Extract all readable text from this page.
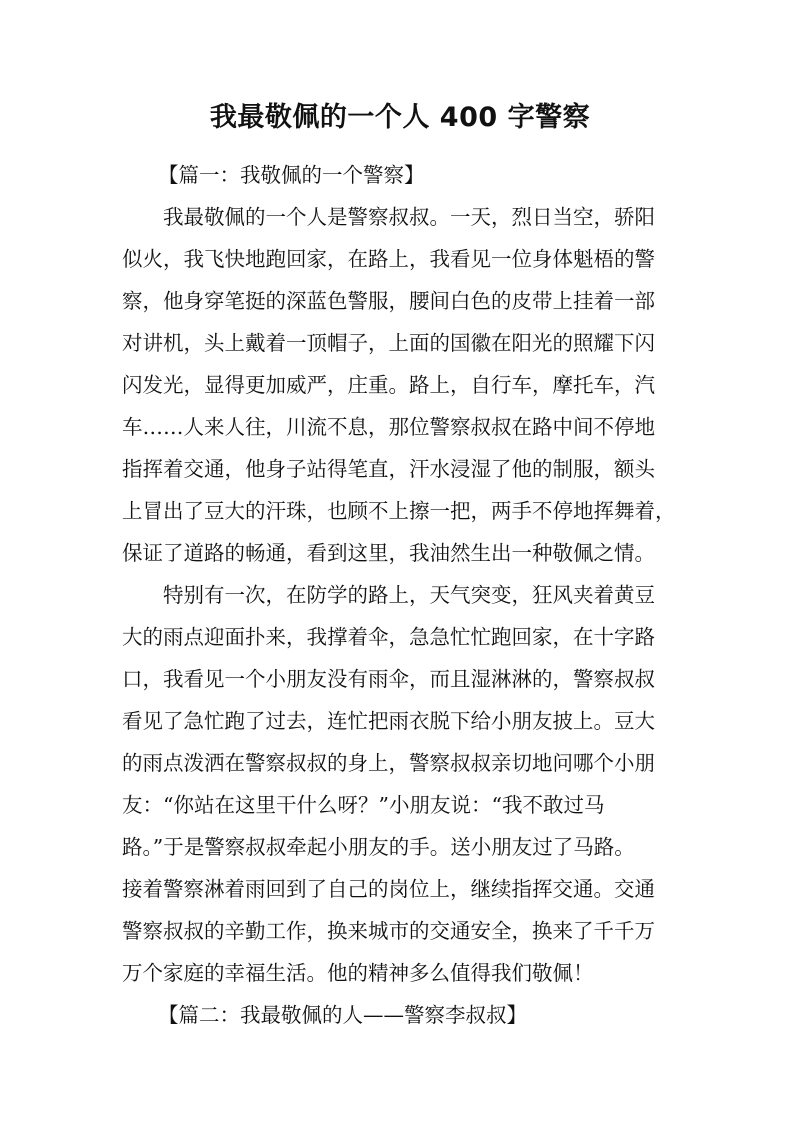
我最敬佩的一个人 400 字警察
【篇一：我敬佩的一个警察】
我最敬佩的一个人是警察叔叔。一天，烈日当空，骄阳
似火，我飞快地跑回家，在路上，我看见一位身体魁梧的警
察，他身穿笔挺的深蓝色警服，腰间白色的皮带上挂着一部
对讲机，头上戴着一顶帽子，上面的国徽在阳光的照耀下闪
闪发光，显得更加威严，庄重。路上，自行车，摩托车，汽
车……人来人往，川流不息，那位警察叔叔在路中间不停地
指挥着交通，他身子站得笔直，汗水浸湿了他的制服，额头
上冒出了豆大的汗珠，也顾不上擦一把，两手不停地挥舞着，
保证了道路的畅通，看到这里，我油然生出一种敬佩之情。
特别有一次，在防学的路上，天气突变，狂风夹着黄豆
大的雨点迎面扑来，我撑着伞，急急忙忙跑回家，在十字路
口，我看见一个小朋友没有雨伞，而且湿淋淋的，警察叔叔
看见了急忙跑了过去，连忙把雨衣脱下给小朋友披上。豆大
的雨点泼洒在警察叔叔的身上，警察叔叔亲切地问哪个小朋
友：“你站在这里干什么呀？”小朋友说：“我不敢过马
路。”于是警察叔叔牵起小朋友的手。送小朋友过了马路。
接着警察淋着雨回到了自己的岗位上，继续指挥交通。交通
警察叔叔的辛勤工作，换来城市的交通安全，换来了千千万
万个家庭的幸福生活。他的精神多么值得我们敬佩！
【篇二：我最敬佩的人——警察李叔叔】
